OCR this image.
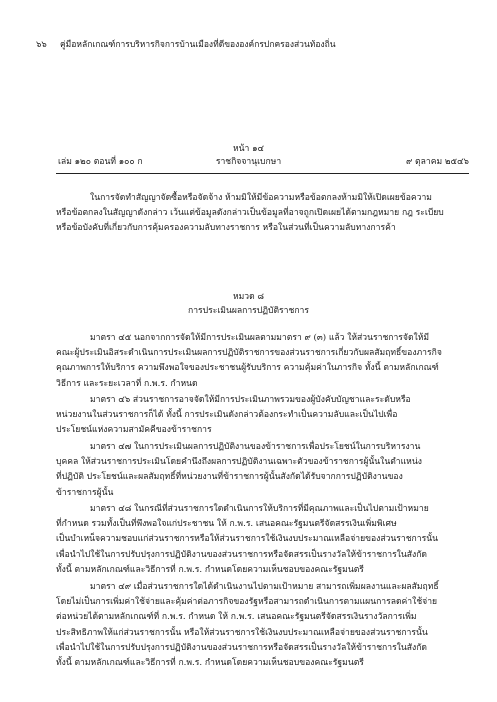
๖๖ คู่มือหลักเกณฑ์การบริหารกิจการบ้านเมืองที่ดีขององค์กรปกครองส่วนท้องถิ่น
หน้า ๑๔
เล่ม ๑๒๐ ตอนที่ ๑๐๐ ก	ราชกิจจานุเบกษา	๙ ตุลาคม ๒๕๔๖
ในการจัดทำสัญญาจัดซื้อหรือจัดจ้าง ห้ามมิให้มีข้อความหรือข้อตกลงห้ามมิให้เปิดเผยข้อความ
หรือข้อตกลงในสัญญาดังกล่าว เว้นแต่ข้อมูลดังกล่าวเป็นข้อมูลที่อาจถูกเปิดเผยได้ตามกฎหมาย กฎ ระเบียบ
หรือข้อบังคับที่เกี่ยวกับการคุ้มครองความลับทางราชการ หรือในส่วนที่เป็นความลับทางการค้า
หมวด ๘
การประเมินผลการปฏิบัติราชการ
มาตรา ๔๕ นอกจากการจัดให้มีการประเมินผลตามมาตรา ๙ (๓) แล้ว ให้ส่วนราชการจัดให้มี
คณะผู้ประเมินอิสระดำเนินการประเมินผลการปฏิบัติราชการของส่วนราชการเกี่ยวกับผลสัมฤทธิ์ของภารกิจ
คุณภาพการให้บริการ ความพึงพอใจของประชาชนผู้รับบริการ ความคุ้มค่าในภารกิจ ทั้งนี้ ตามหลักเกณฑ์
วิธีการ และระยะเวลาที่ ก.พ.ร. กำหนด
มาตรา ๔๖ ส่วนราชการอาจจัดให้มีการประเมินภาพรวมของผู้บังคับบัญชาและระดับหรือ
หน่วยงานในส่วนราชการก็ได้ ทั้งนี้ การประเมินดังกล่าวต้องกระทำเป็นความลับและเป็นไปเพื่อ
ประโยชน์แห่งความสามัคคีของข้าราชการ
มาตรา ๔๗ ในการประเมินผลการปฏิบัติงานของข้าราชการเพื่อประโยชน์ในการบริหารงาน
บุคคล ให้ส่วนราชการประเมินโดยคำนึงถึงผลการปฏิบัติงานเฉพาะตัวของข้าราชการผู้นั้นในตำแหน่ง
ที่ปฏิบัติ ประโยชน์และผลสัมฤทธิ์ที่หน่วยงานที่ข้าราชการผู้นั้นสังกัดได้รับจากการปฏิบัติงานของ
ข้าราชการผู้นั้น
มาตรา ๔๘ ในกรณีที่ส่วนราชการใดดำเนินการให้บริการที่มีคุณภาพและเป็นไปตามเป้าหมาย
ที่กำหนด รวมทั้งเป็นที่พึงพอใจแก่ประชาชน ให้ ก.พ.ร. เสนอคณะรัฐมนตรีจัดสรรเงินเพิ่มพิเศษ
เป็นบำเหน็จความชอบแก่ส่วนราชการหรือให้ส่วนราชการใช้เงินงบประมาณเหลือจ่ายของส่วนราชการนั้น
เพื่อนำไปใช้ในการปรับปรุงการปฏิบัติงานของส่วนราชการหรือจัดสรรเป็นรางวัลให้ข้าราชการในสังกัด
ทั้งนี้ ตามหลักเกณฑ์และวิธีการที่ ก.พ.ร. กำหนดโดยความเห็นชอบของคณะรัฐมนตรี
มาตรา ๔๙ เมื่อส่วนราชการใดได้ดำเนินงานไปตามเป้าหมาย สามารถเพิ่มผลงานและผลสัมฤทธิ์
โดยไม่เป็นการเพิ่มค่าใช้จ่ายและคุ้มค่าต่อภารกิจของรัฐหรือสามารถดำเนินการตามแผนการลดค่าใช้จ่าย
ต่อหน่วยได้ตามหลักเกณฑ์ที่ ก.พ.ร. กำหนด ให้ ก.พ.ร. เสนอคณะรัฐมนตรีจัดสรรเงินรางวัลการเพิ่ม
ประสิทธิภาพให้แก่ส่วนราชการนั้น หรือให้ส่วนราชการใช้เงินงบประมาณเหลือจ่ายของส่วนราชการนั้น
เพื่อนำไปใช้ในการปรับปรุงการปฏิบัติงานของส่วนราชการหรือจัดสรรเป็นรางวัลให้ข้าราชการในสังกัด
ทั้งนี้ ตามหลักเกณฑ์และวิธีการที่ ก.พ.ร. กำหนดโดยความเห็นชอบของคณะรัฐมนตรี
